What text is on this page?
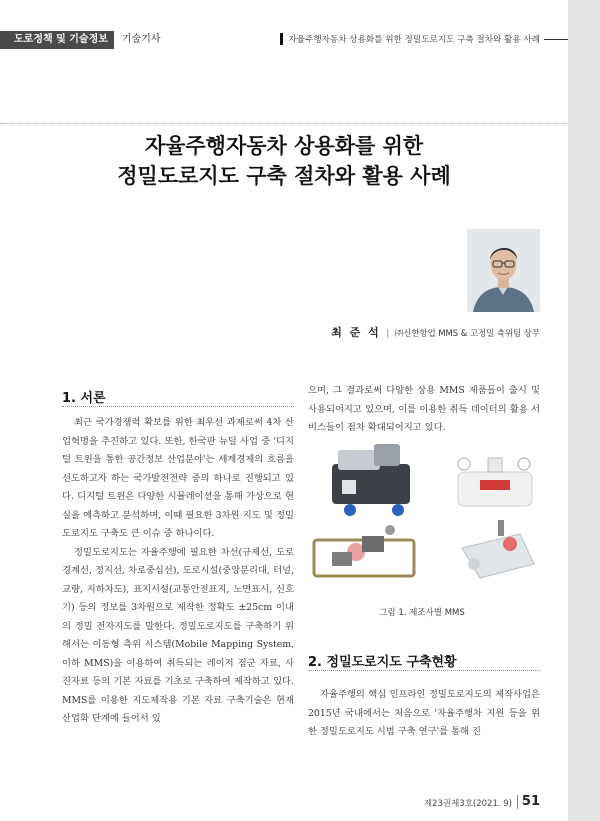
도로정책 및 기술정보	기술기사	자율주행자동차 상용화를 위한 정밀도로지도 구축 절차와 활용 사례
자율주행자동차 상용화를 위한
정밀도로지도 구축 절차와 활용 사례
최 준 석 | ㈜신한항업 MMS & 고정밀 측위팀 상무
1. 서론

최근 국가경쟁력 확보를 위한 최우선 과제로써 4차 산업혁명을 추진하고 있다. 또한, 한국판 뉴딜 사업 중 '디지털 트윈을 통한 공간정보 산업분야'는 세계경제의 흐름을 선도하고자 하는 국가발전전략 중의 하나로 진행되고 있다. 디지털 트윈은 다양한 시뮬레이션을 통해 가상으로 현실을 예측하고 분석하며, 이때 필요한 3차원 지도 및 정밀도로지도 구축도 큰 이슈 중 하나이다.

정밀도로지도는 자율주행에 필요한 차선(규제선, 도로경계선, 정지선, 차로중심선), 도로시설(중앙분리대, 터널, 교량, 지하차도), 표지시설(교통안전표지, 노면표시, 신호기) 등의 정보를 3차원으로 제작한 정확도 ±25cm 이내의 정밀 전자지도를 말한다. 정밀도로지도를 구축하기 위해서는 이동형 측위 시스템(Mobile Mapping System, 이하 MMS)을 이용하여 취득되는 레이저 점군 자료, 사진자료 등의 기본 자료를 기초로 구축하여 제작하고 있다. MMS를 이용한 지도제작용 기본 자료 구축기술은 현재 산업화 단계에 들어서 있

으며, 그 결과로써 다양한 상용 MMS 제품들이 출시 및 사용되어지고 있으며, 이를 이용한 취득 데이터의 활용 서비스들이 점차 확대되어지고 있다.

그림 1. 제조사별 MMS
2. 정밀도로지도 구축현황

자율주행의 핵심 인프라인 정밀도로지도의 제작사업은 2015년 국내에서는 처음으로 '자율주행차 지원 등을 위한 정밀도로지도 시범 구축 연구'를 통해 진

제23권제3호(2021. 9) 51
